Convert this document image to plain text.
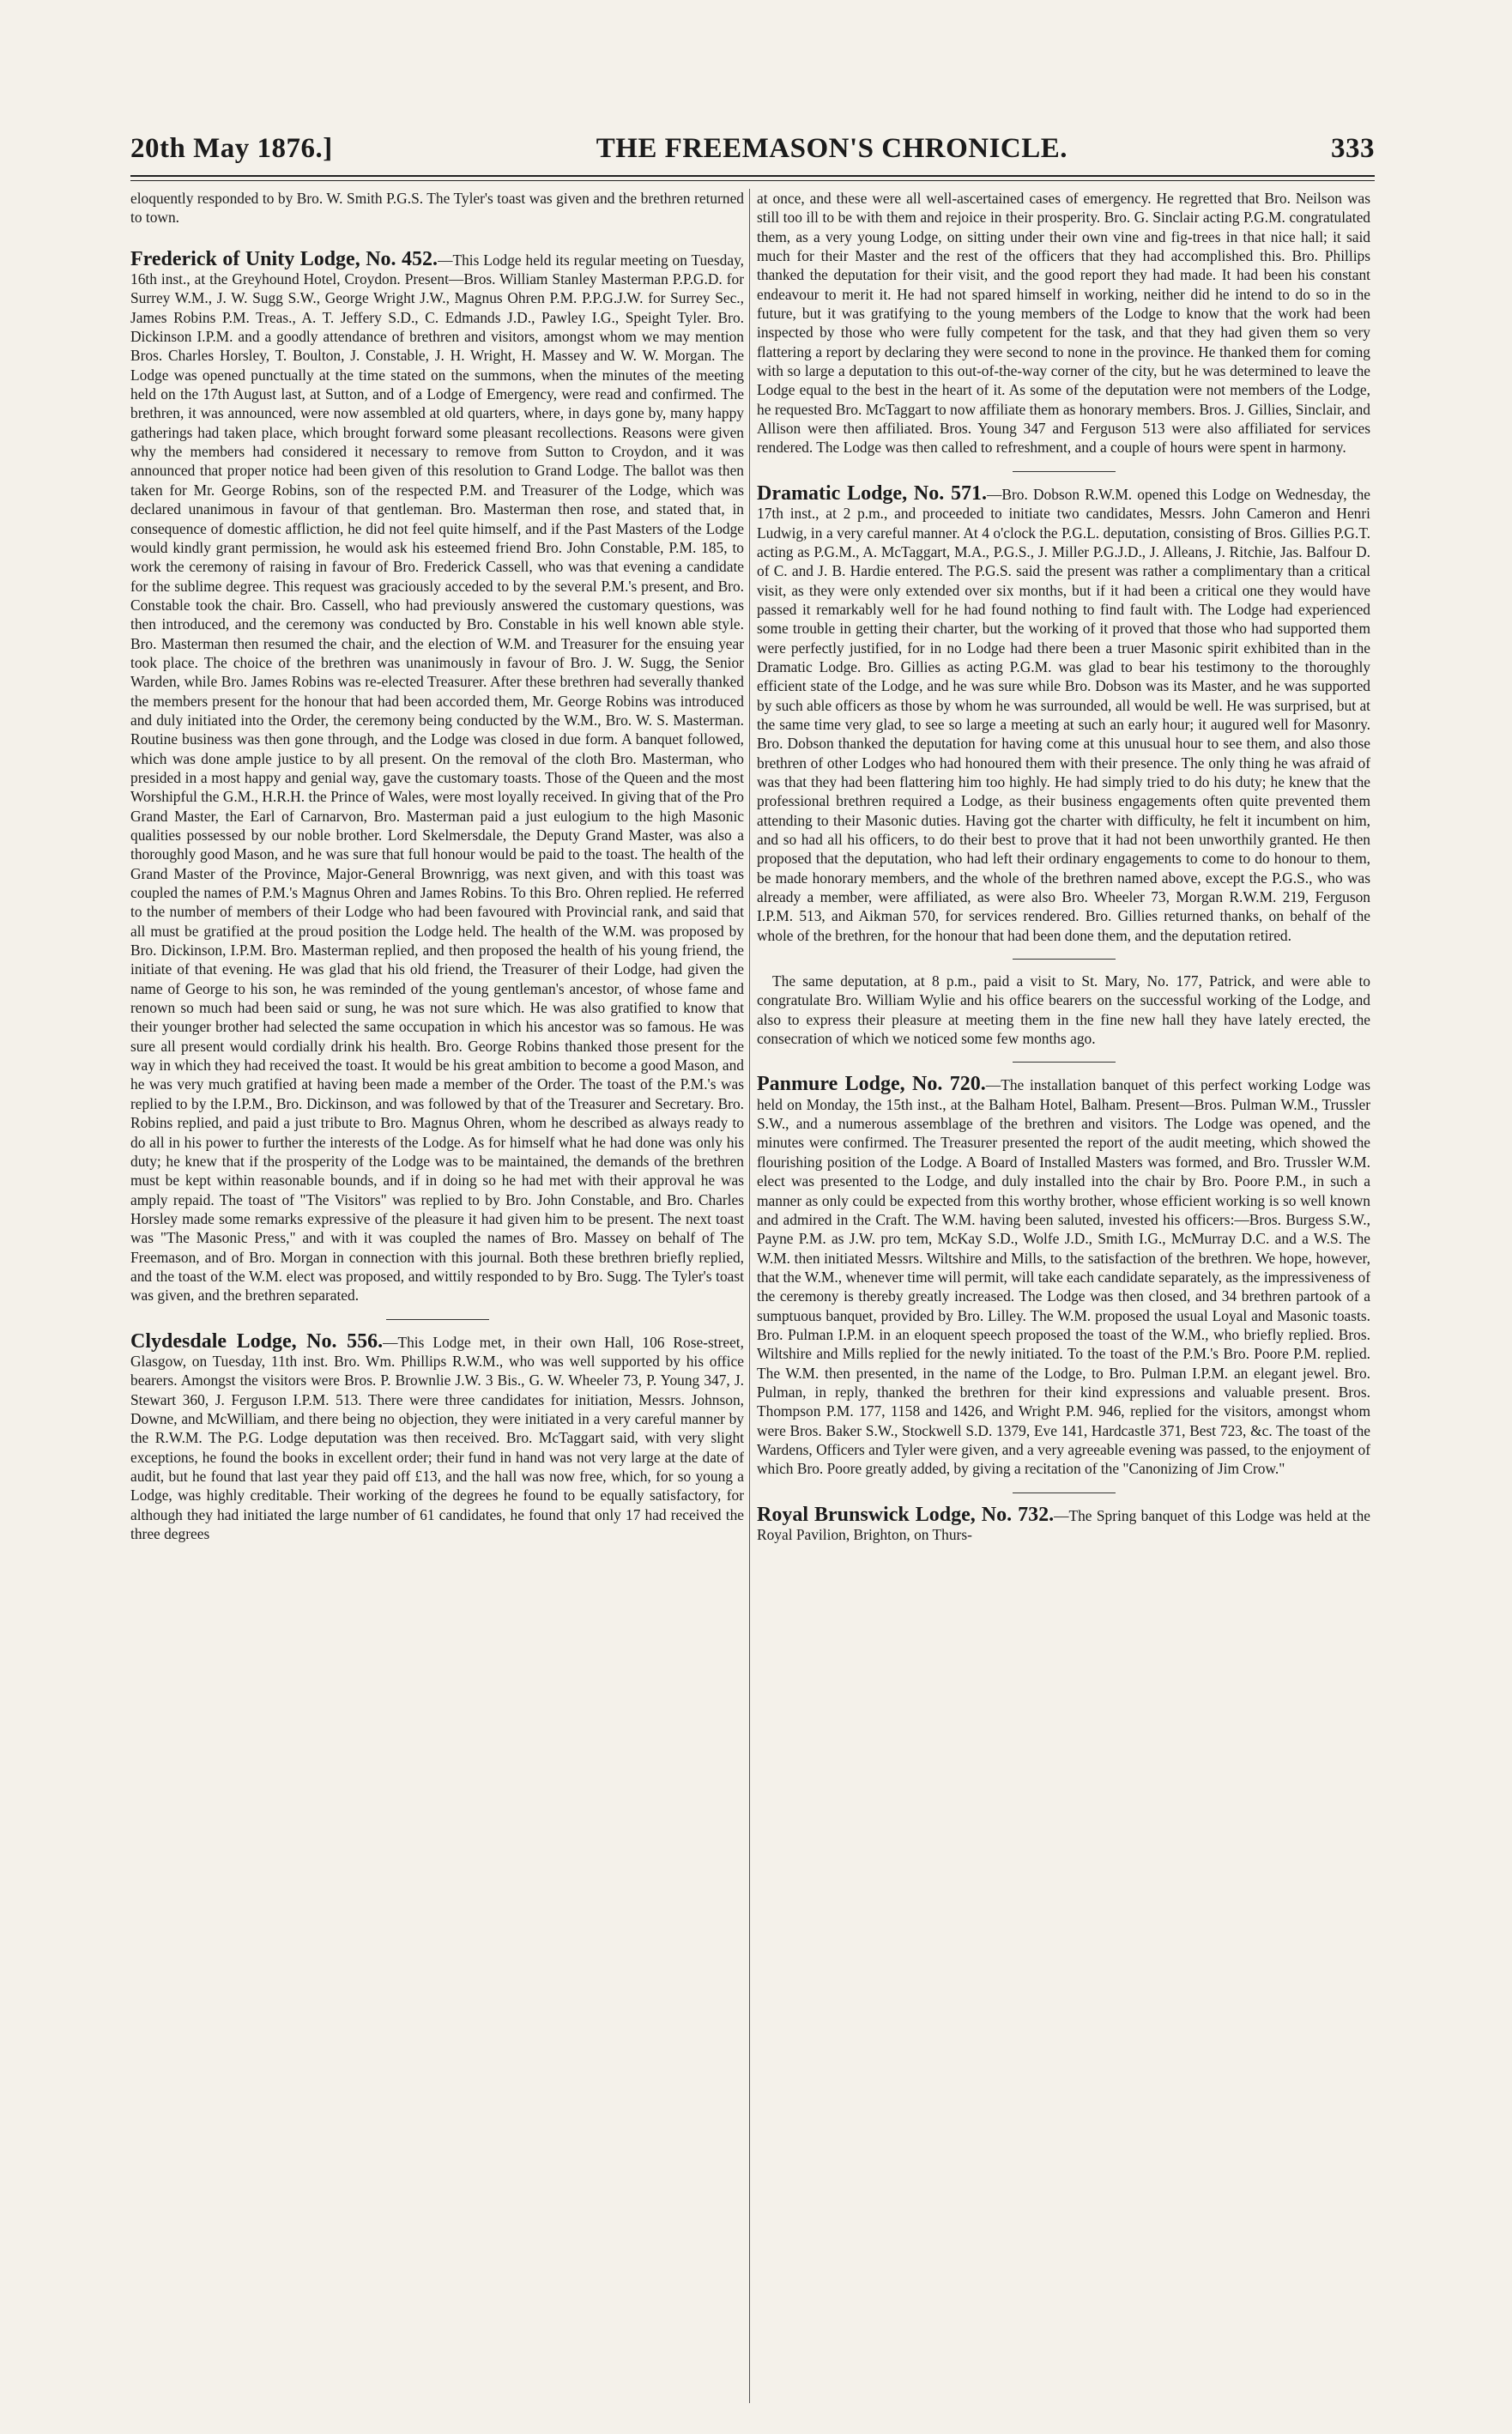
20th May 1876.]	THE FREEMASON'S CHRONICLE.	333

eloquently responded to by Bro. W. Smith P.G.S. The Tyler's toast was given and the brethren returned to town.

Frederick of Unity Lodge, No. 452.—This Lodge held its regular meeting on Tuesday, 16th inst., at the Greyhound Hotel, Croydon. Present—Bros. William Stanley Masterman P.P.G.D. for Surrey W.M., J. W. Sugg S.W., George Wright J.W., Magnus Ohren P.M. P.P.G.J.W. for Surrey Sec., James Robins P.M. Treas., A. T. Jeffery S.D., C. Edmands J.D., Pawley I.G., Speight Tyler. Bro. Dickinson I.P.M. and a goodly attendance of brethren and visitors, amongst whom we may mention Bros. Charles Horsley, T. Boulton, J. Constable, J. H. Wright, H. Massey and W. W. Morgan. The Lodge was opened punctually at the time stated on the summons, when the minutes of the meeting held on the 17th August last, at Sutton, and of a Lodge of Emergency, were read and confirmed. The brethren, it was announced, were now assembled at old quarters, where, in days gone by, many happy gatherings had taken place, which brought forward some pleasant recollections. Reasons were given why the members had considered it necessary to remove from Sutton to Croydon, and it was announced that proper notice had been given of this resolution to Grand Lodge. The ballot was then taken for Mr. George Robins, son of the respected P.M. and Treasurer of the Lodge, which was declared unanimous in favour of that gentleman. Bro. Masterman then rose, and stated that, in consequence of domestic affliction, he did not feel quite himself, and if the Past Masters of the Lodge would kindly grant permission, he would ask his esteemed friend Bro. John Constable, P.M. 185, to work the ceremony of raising in favour of Bro. Frederick Cassell, who was that evening a candidate for the sublime degree. This request was graciously acceded to by the several P.M.'s present, and Bro. Constable took the chair. Bro. Cassell, who had previously answered the customary questions, was then introduced, and the ceremony was conducted by Bro. Constable in his well known able style. Bro. Masterman then resumed the chair, and the election of W.M. and Treasurer for the ensuing year took place. The choice of the brethren was unanimously in favour of Bro. J. W. Sugg, the Senior Warden, while Bro. James Robins was re-elected Treasurer. After these brethren had severally thanked the members present for the honour that had been accorded them, Mr. George Robins was introduced and duly initiated into the Order, the ceremony being conducted by the W.M., Bro. W. S. Masterman. Routine business was then gone through, and the Lodge was closed in due form. A banquet followed, which was done ample justice to by all present. On the removal of the cloth Bro. Masterman, who presided in a most happy and genial way, gave the customary toasts. Those of the Queen and the most Worshipful the G.M., H.R.H. the Prince of Wales, were most loyally received. In giving that of the Pro Grand Master, the Earl of Carnarvon, Bro. Masterman paid a just eulogium to the high Masonic qualities possessed by our noble brother. Lord Skelmersdale, the Deputy Grand Master, was also a thoroughly good Mason, and he was sure that full honour would be paid to the toast. The health of the Grand Master of the Province, Major-General Brownrigg, was next given, and with this toast was coupled the names of P.M.'s Magnus Ohren and James Robins. To this Bro. Ohren replied. He referred to the number of members of their Lodge who had been favoured with Provincial rank, and said that all must be gratified at the proud position the Lodge held. The health of the W.M. was proposed by Bro. Dickinson, I.P.M. Bro. Masterman replied, and then proposed the health of his young friend, the initiate of that evening. He was glad that his old friend, the Treasurer of their Lodge, had given the name of George to his son, he was reminded of the young gentleman's ancestor, of whose fame and renown so much had been said or sung, he was not sure which. He was also gratified to know that their younger brother had selected the same occupation in which his ancestor was so famous. He was sure all present would cordially drink his health. Bro. George Robins thanked those present for the way in which they had received the toast. It would be his great ambition to become a good Mason, and he was very much gratified at having been made a member of the Order. The toast of the P.M.'s was replied to by the I.P.M., Bro. Dickinson, and was followed by that of the Treasurer and Secretary. Bro. Robins replied, and paid a just tribute to Bro. Magnus Ohren, whom he described as always ready to do all in his power to further the interests of the Lodge. As for himself what he had done was only his duty; he knew that if the prosperity of the Lodge was to be maintained, the demands of the brethren must be kept within reasonable bounds, and if in doing so he had met with their approval he was amply repaid. The toast of "The Visitors" was replied to by Bro. John Constable, and Bro. Charles Horsley made some remarks expressive of the pleasure it had given him to be present. The next toast was "The Masonic Press," and with it was coupled the names of Bro. Massey on behalf of The Freemason, and of Bro. Morgan in connection with this journal. Both these brethren briefly replied, and the toast of the W.M. elect was proposed, and wittily responded to by Bro. Sugg. The Tyler's toast was given, and the brethren separated.

Clydesdale Lodge, No. 556.—This Lodge met, in their own Hall, 106 Rose-street, Glasgow, on Tuesday, 11th inst. Bro. Wm. Phillips R.W.M., who was well supported by his office bearers. Amongst the visitors were Bros. P. Brownlie J.W. 3 Bis., G. W. Wheeler 73, P. Young 347, J. Stewart 360, J. Ferguson I.P.M. 513. There were three candidates for initiation, Messrs. Johnson, Downe, and McWilliam, and there being no objection, they were initiated in a very careful manner by the R.W.M. The P.G. Lodge deputation was then received. Bro. McTaggart said, with very slight exceptions, he found the books in excellent order; their fund in hand was not very large at the date of audit, but he found that last year they paid off £13, and the hall was now free, which, for so young a Lodge, was highly creditable. Their working of the degrees he found to be equally satisfactory, for although they had initiated the large number of 61 candidates, he found that only 17 had received the three degrees

at once, and these were all well-ascertained cases of emergency. He regretted that Bro. Neilson was still too ill to be with them and rejoice in their prosperity. Bro. G. Sinclair acting P.G.M. congratulated them, as a very young Lodge, on sitting under their own vine and fig-trees in that nice hall; it said much for their Master and the rest of the officers that they had accomplished this. Bro. Phillips thanked the deputation for their visit, and the good report they had made. It had been his constant endeavour to merit it. He had not spared himself in working, neither did he intend to do so in the future, but it was gratifying to the young members of the Lodge to know that the work had been inspected by those who were fully competent for the task, and that they had given them so very flattering a report by declaring they were second to none in the province. He thanked them for coming with so large a deputation to this out-of-the-way corner of the city, but he was determined to leave the Lodge equal to the best in the heart of it. As some of the deputation were not members of the Lodge, he requested Bro. McTaggart to now affiliate them as honorary members. Bros. J. Gillies, Sinclair, and Allison were then affiliated. Bros. Young 347 and Ferguson 513 were also affiliated for services rendered. The Lodge was then called to refreshment, and a couple of hours were spent in harmony.

Dramatic Lodge, No. 571.—Bro. Dobson R.W.M. opened this Lodge on Wednesday, the 17th inst., at 2 p.m., and proceeded to initiate two candidates, Messrs. John Cameron and Henri Ludwig, in a very careful manner. At 4 o'clock the P.G.L. deputation, consisting of Bros. Gillies P.G.T. acting as P.G.M., A. McTaggart, M.A., P.G.S., J. Miller P.G.J.D., J. Alleans, J. Ritchie, Jas. Balfour D. of C. and J. B. Hardie entered. The P.G.S. said the present was rather a complimentary than a critical visit, as they were only extended over six months, but if it had been a critical one they would have passed it remarkably well for he had found nothing to find fault with. The Lodge had experienced some trouble in getting their charter, but the working of it proved that those who had supported them were perfectly justified, for in no Lodge had there been a truer Masonic spirit exhibited than in the Dramatic Lodge. Bro. Gillies as acting P.G.M. was glad to bear his testimony to the thoroughly efficient state of the Lodge, and he was sure while Bro. Dobson was its Master, and he was supported by such able officers as those by whom he was surrounded, all would be well. He was surprised, but at the same time very glad, to see so large a meeting at such an early hour; it augured well for Masonry. Bro. Dobson thanked the deputation for having come at this unusual hour to see them, and also those brethren of other Lodges who had honoured them with their presence. The only thing he was afraid of was that they had been flattering him too highly. He had simply tried to do his duty; he knew that the professional brethren required a Lodge, as their business engagements often quite prevented them attending to their Masonic duties. Having got the charter with difficulty, he felt it incumbent on him, and so had all his officers, to do their best to prove that it had not been unworthily granted. He then proposed that the deputation, who had left their ordinary engagements to come to do honour to them, be made honorary members, and the whole of the brethren named above, except the P.G.S., who was already a member, were affiliated, as were also Bro. Wheeler 73, Morgan R.W.M. 219, Ferguson I.P.M. 513, and Aikman 570, for services rendered. Bro. Gillies returned thanks, on behalf of the whole of the brethren, for the honour that had been done them, and the deputation retired.

The same deputation, at 8 p.m., paid a visit to St. Mary, No. 177, Patrick, and were able to congratulate Bro. William Wylie and his office bearers on the successful working of the Lodge, and also to express their pleasure at meeting them in the fine new hall they have lately erected, the consecration of which we noticed some few months ago.

Panmure Lodge, No. 720.—The installation banquet of this perfect working Lodge was held on Monday, the 15th inst., at the Balham Hotel, Balham. Present—Bros. Pulman W.M., Trussler S.W., and a numerous assemblage of the brethren and visitors. The Lodge was opened, and the minutes were confirmed. The Treasurer presented the report of the audit meeting, which showed the flourishing position of the Lodge. A Board of Installed Masters was formed, and Bro. Trussler W.M. elect was presented to the Lodge, and duly installed into the chair by Bro. Poore P.M., in such a manner as only could be expected from this worthy brother, whose efficient working is so well known and admired in the Craft. The W.M. having been saluted, invested his officers:—Bros. Burgess S.W., Payne P.M. as J.W. pro tem, McKay S.D., Wolfe J.D., Smith I.G., McMurray D.C. and a W.S. The W.M. then initiated Messrs. Wiltshire and Mills, to the satisfaction of the brethren. We hope, however, that the W.M., whenever time will permit, will take each candidate separately, as the impressiveness of the ceremony is thereby greatly increased. The Lodge was then closed, and 34 brethren partook of a sumptuous banquet, provided by Bro. Lilley. The W.M. proposed the usual Loyal and Masonic toasts. Bro. Pulman I.P.M. in an eloquent speech proposed the toast of the W.M., who briefly replied. Bros. Wiltshire and Mills replied for the newly initiated. To the toast of the P.M.'s Bro. Poore P.M. replied. The W.M. then presented, in the name of the Lodge, to Bro. Pulman I.P.M. an elegant jewel. Bro. Pulman, in reply, thanked the brethren for their kind expressions and valuable present. Bros. Thompson P.M. 177, 1158 and 1426, and Wright P.M. 946, replied for the visitors, amongst whom were Bros. Baker S.W., Stockwell S.D. 1379, Eve 141, Hardcastle 371, Best 723, &c. The toast of the Wardens, Officers and Tyler were given, and a very agreeable evening was passed, to the enjoyment of which Bro. Poore greatly added, by giving a recitation of the "Canonizing of Jim Crow."

Royal Brunswick Lodge, No. 732.—The Spring banquet of this Lodge was held at the Royal Pavilion, Brighton, on Thurs-
